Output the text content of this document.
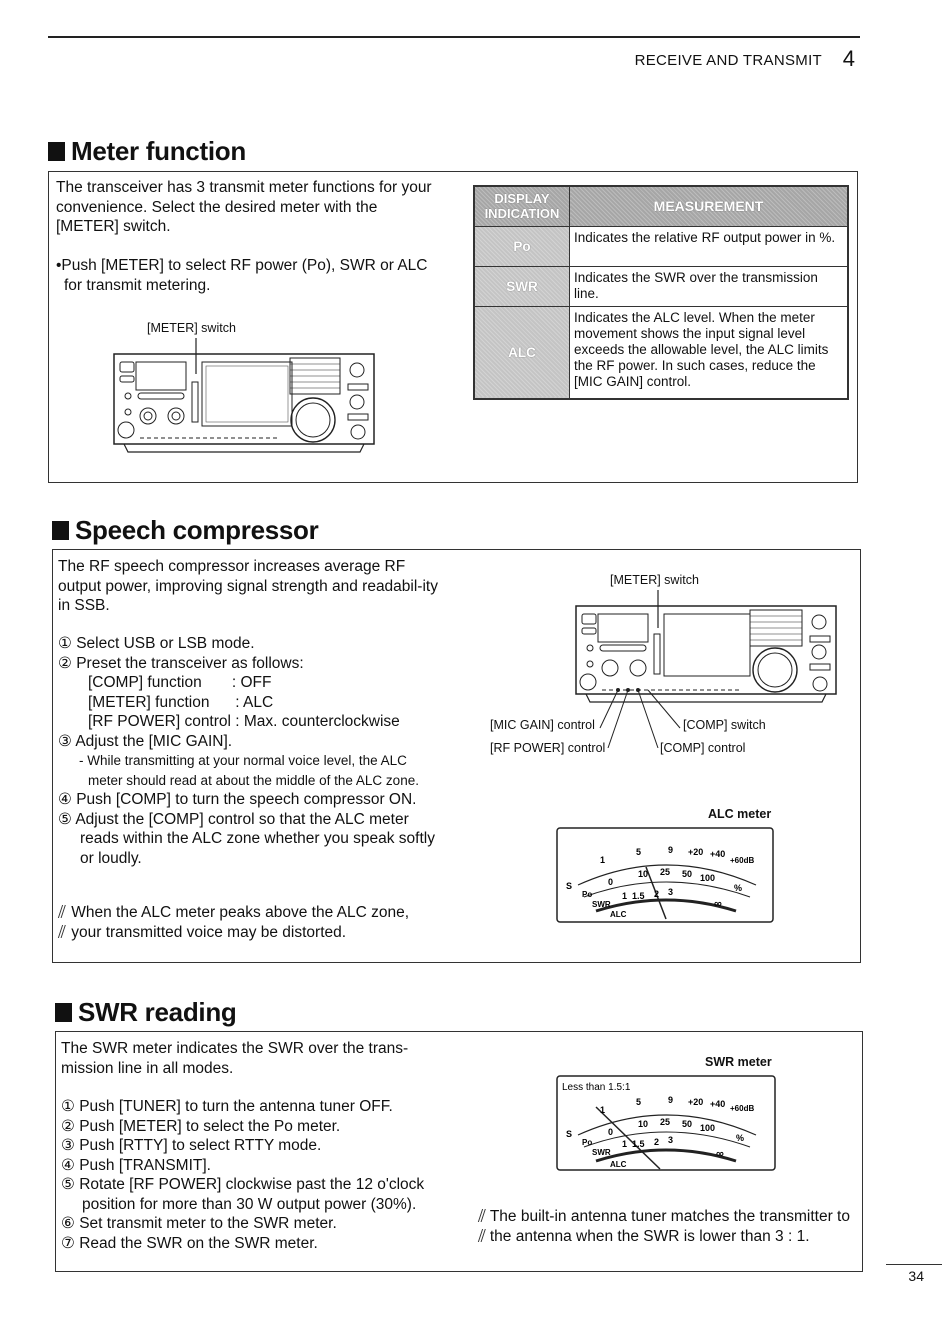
RECEIVE AND TRANSMIT 4
Meter function
The transceiver has 3 transmit meter functions for your convenience. Select the desired meter with the [METER] switch.
•Push [METER] to select RF power (Po), SWR or ALC for transmit metering.
[METER] switch
DISPLAY INDICATION	MEASUREMENT
Po	Indicates the relative RF output power in %.
SWR	Indicates the SWR over the transmission line.
ALC	Indicates the ALC level. When the meter movement shows the input signal level exceeds the allowable level, the ALC limits the RF power. In such cases, reduce the [MIC GAIN] control.
Speech compressor
The RF speech compressor increases average RF output power, improving signal strength and readabil-ity in SSB.

① Select USB or LSB mode.

② Preset the transceiver as follows:

[COMP] function       : OFF

[METER] function      : ALC

[RF POWER] control : Max. counterclockwise

③ Adjust the [MIC GAIN].

- While transmitting at your normal voice level, the ALC meter should read at about the middle of the ALC zone.

④ Push [COMP] to turn the speech compressor ON.

⑤ Adjust the [COMP] control so that the ALC meter reads within the ALC zone whether you speak softly or loudly.

⫽
⫽
When the ALC meter peaks above the ALC zone, your transmitted voice may be distorted.
[METER] switch
[MIC GAIN] control
[RF POWER] control
[COMP] switch
[COMP] control
ALC meter
S
1
5	9 +20 +40
+60dB
Po
0
10 25 50 100
%
SWR
1 1.5 2 3
∞
ALC
SWR reading
The SWR meter indicates the SWR over the trans-mission line in all modes.

① Push [TUNER] to turn the antenna tuner OFF.

② Push [METER] to select the Po meter.

③ Push [RTTY] to select RTTY mode.

④ Push [TRANSMIT].

⑤ Rotate [RF POWER] clockwise past the 12 o'clock position for more than 30 W output power (30%).

⑥ Set transmit meter to the SWR meter.

⑦ Read the SWR on the SWR meter.

SWR meter
Less than 1.5:1
S
1
5	9 +20 +40 +60dB
Po
0
10 25 50 100
%
SWR
1 1.5 2 3
∞
ALC
⫽
⫽
The built-in antenna tuner matches the transmitter to the antenna when the SWR is lower than 3 : 1.
34
